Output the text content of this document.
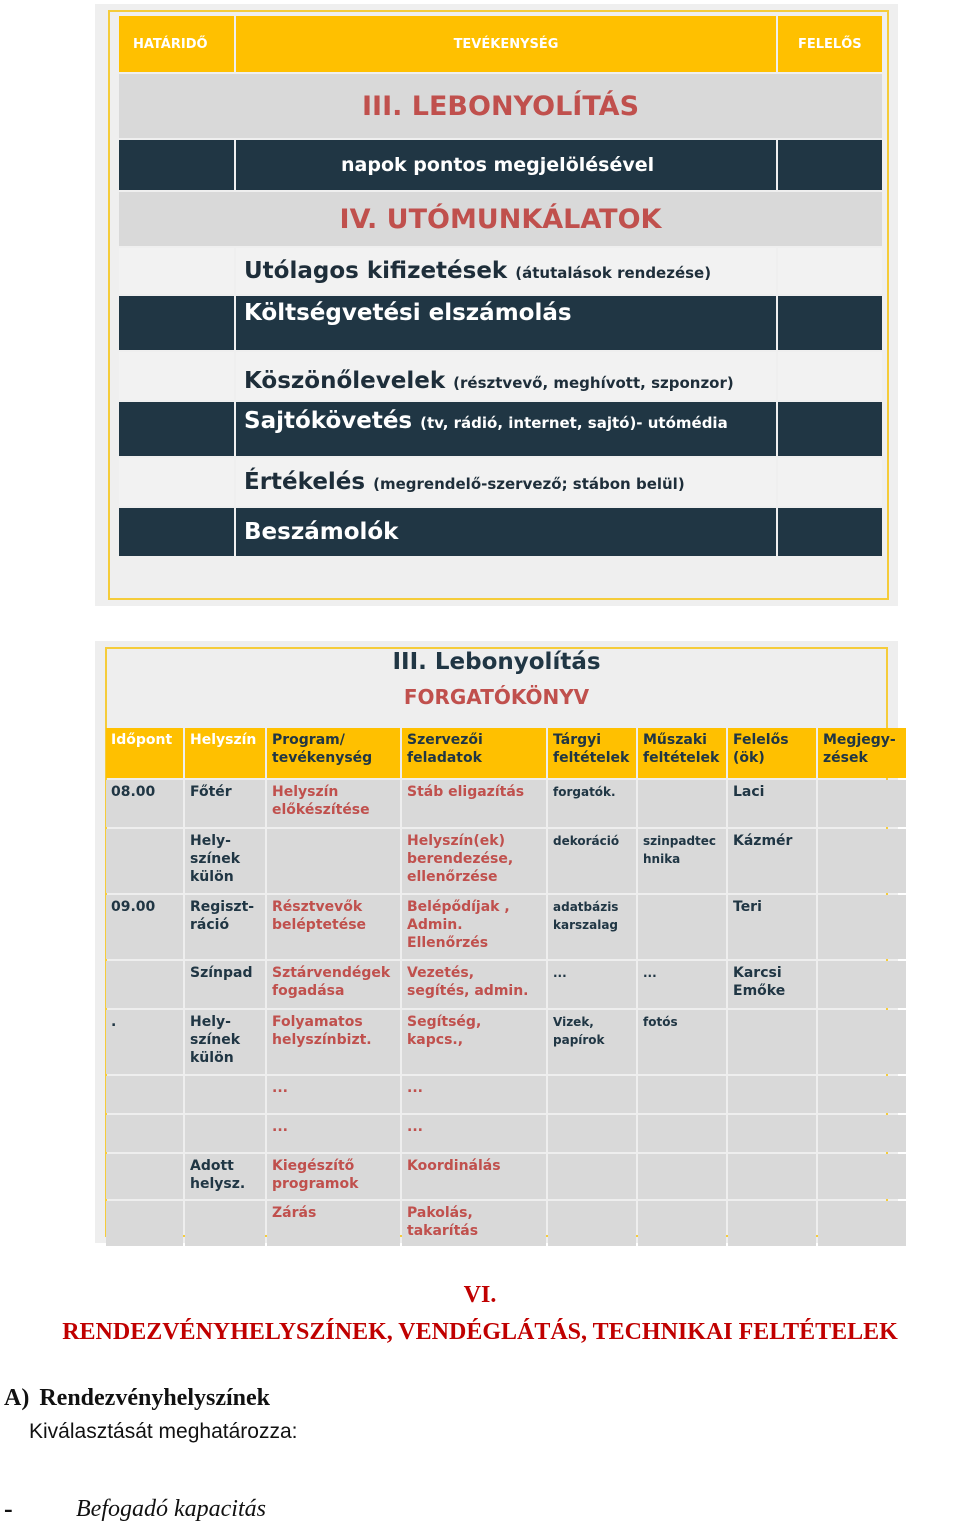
HATÁRIDŐ	TEVÉKENYSÉG	FELELŐS
III. LEBONYOLÍTÁS		
	napok pontos megjelölésével	
IV. UTÓMUNKÁLATOK		
	Utólagos kifizetések (átutalások rendezése)	
	Költségvetési elszámolás	
	Köszönőlevelek (résztvevő, meghívott, szponzor)	
	Sajtókövetés (tv, rádió, internet, sajtó)- utómédia	
	Értékelés (megrendelő-szervező; stábon belül)	
	Beszámolók	
III. Lebonyolítás
FORGATÓKÖNYV
Időpont	Helyszín	Program/ tevékenység	Szervezői feladatok	Tárgyi feltételek	Műszaki feltételek	Felelős (ök)	Megjegy-zések
08.00	Főtér	Helyszín előkészítése	Stáb eligazítás	forgatók.		Laci	
	Hely-színek külön		Helyszín(ek) berendezése, ellenőrzése	dekoráció	szinpadtec hnika	Kázmér	
09.00	Regiszt-ráció	Résztvevők beléptetése	Belépődíjak , Admin. Ellenőrzés	adatbázis karszalag		Teri	
	Színpad	Sztárvendégek fogadása	Vezetés, segítés, admin.	...	...	Karcsi Emőke	
.	Hely-színek külön	Folyamatos helyszínbizt.	Segítség, kapcs.,	Vizek, papírok	fotós		
		...	...				
		...	...				
	Adott helysz.	Kiegészítő programok	Koordinálás				
		Zárás	Pakolás, takarítás				
VI.
RENDEZVÉNYHELYSZÍNEK, VENDÉGLÁTÁS, TECHNIKAI FELTÉTELEK
A) Rendezvényhelyszínek
Kiválasztását meghatározza:
-	Befogadó kapacitás
